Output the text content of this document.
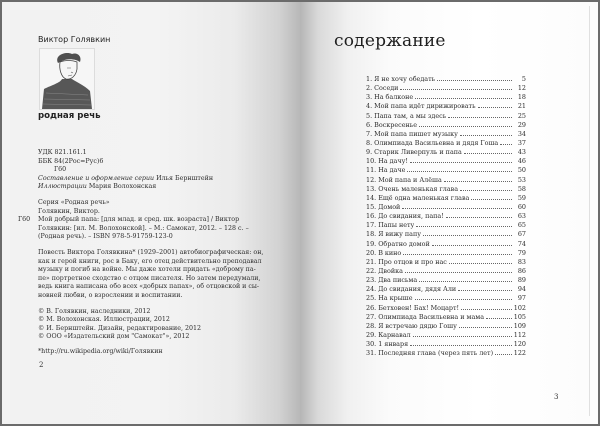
Виктор Голявкин
родная речь
УДК 821.161.1
ББК 84(2Рос=Рус)6
Г60
Составление и оформление серии Илья Бернштейн
Иллюстрации Мария Волохонская
Г60
Серия «Родная речь»
Голявкин, Виктор.
Мой добрый папа: [для млад. и сред. шк. возраста] / Виктор
Голявкин: [ил. М. Волохонской]. – М.: Самокат, 2012. – 128 с. –
(Родная речь). – ISBN 978-5-91759-123-0
Повесть Виктора Голявкина* (1929–2001) автобиографическая: он,
как и герой книги, рос в Баку, его отец действительно преподавал
музыку и погиб на войне. Мы даже хотели придать «доброму па-
пе» портретное сходство с отцом писателя. Но затем передумали,
ведь книга написана обо всех «добрых папах», об отцовской и сы-
новней любви, о взрослении и воспитании.
© В. Голявкин, наследники, 2012
© М. Волохонская. Иллюстрации, 2012
© И. Бернштейн. Дизайн, редактирование, 2012
© ООО «Издательский дом "Самокат"», 2012
*http://ru.wikipedia.org/wiki/Голявкин
2
содержание
1. Я не хочу обедать	5
2. Соседи	12
3. На балконе	18
4. Мой папа идёт дирижировать	21
5. Папа там, а мы здесь	25
6. Воскресенье	29
7. Мой папа пишет музыку	34
8. Олимпиада Васильевна и дядя Гоша	37
9. Старик Ливерпуль и папа	43
10. На дачу!	46
11. На даче	50
12. Мой папа и Алёша	53
13. Очень маленькая глава	58
14. Ещё одна маленькая глава	59
15. Домой	60
16. До свидания, папа!	63
17. Папы нету	65
18. Я вижу папу	67
19. Обратно домой	74
20. В кино	79
21. Про отцов и про нас	83
22. Двойка	86
23. Два письма	89
24. До свидания, дядя Али	94
25. На крыше	97
26. Бетховен! Бах! Моцарт!	102
27. Олимпиада Васильевна и мама	105
28. Я встречаю дядю Гошу	109
29. Карнавал	112
30. 1 января	120
31. Последняя глава (через пять лет)	122
3
